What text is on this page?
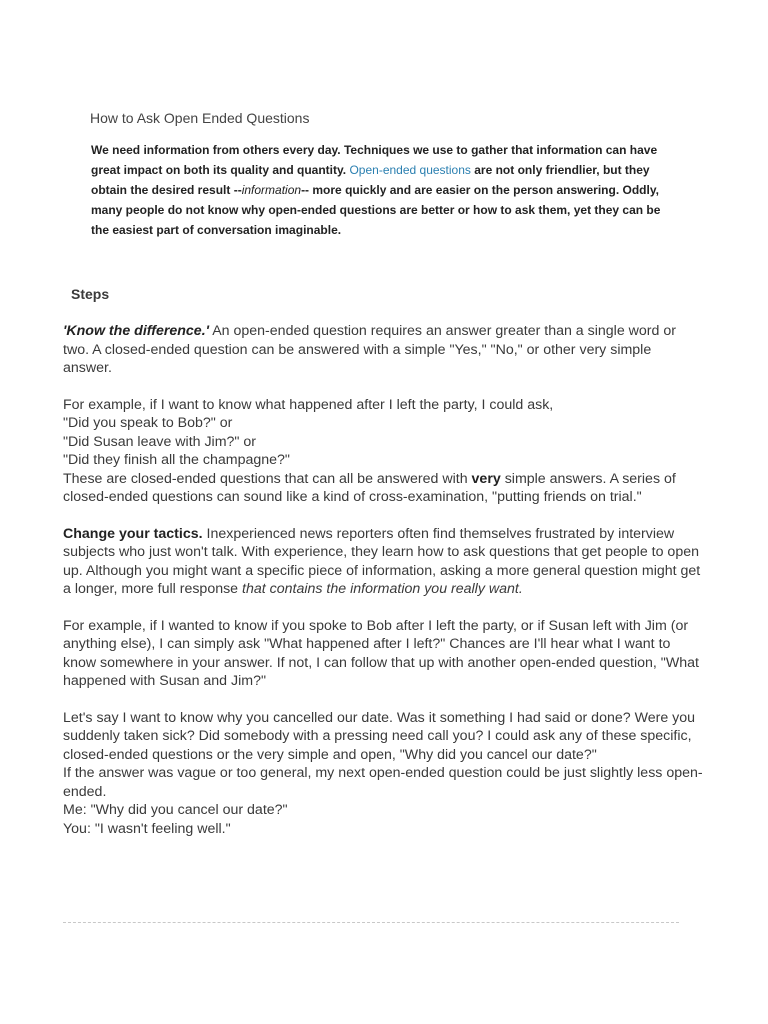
How to Ask Open Ended Questions

We need information from others every day. Techniques we use to gather that information can have great impact on both its quality and quantity. Open-ended questions are not only friendlier, but they obtain the desired result --information-- more quickly and are easier on the person answering. Oddly, many people do not know why open-ended questions are better or how to ask them, yet they can be the easiest part of conversation imaginable.

Steps

'Know the difference.' An open-ended question requires an answer greater than a single word or two. A closed-ended question can be answered with a simple "Yes," "No," or other very simple answer.

For example, if I want to know what happened after I left the party, I could ask,
"Did you speak to Bob?" or
"Did Susan leave with Jim?" or
"Did they finish all the champagne?"
These are closed-ended questions that can all be answered with very simple answers. A series of closed-ended questions can sound like a kind of cross-examination, "putting friends on trial."

Change your tactics. Inexperienced news reporters often find themselves frustrated by interview subjects who just won't talk. With experience, they learn how to ask questions that get people to open up. Although you might want a specific piece of information, asking a more general question might get a longer, more full response that contains the information you really want.

For example, if I wanted to know if you spoke to Bob after I left the party, or if Susan left with Jim (or anything else), I can simply ask "What happened after I left?" Chances are I'll hear what I want to know somewhere in your answer. If not, I can follow that up with another open-ended question, "What happened with Susan and Jim?"

Let's say I want to know why you cancelled our date. Was it something I had said or done? Were you suddenly taken sick? Did somebody with a pressing need call you? I could ask any of these specific, closed-ended questions or the very simple and open, "Why did you cancel our date?"
If the answer was vague or too general, my next open-ended question could be just slightly less open-ended.
Me: "Why did you cancel our date?"
You: "I wasn't feeling well."
